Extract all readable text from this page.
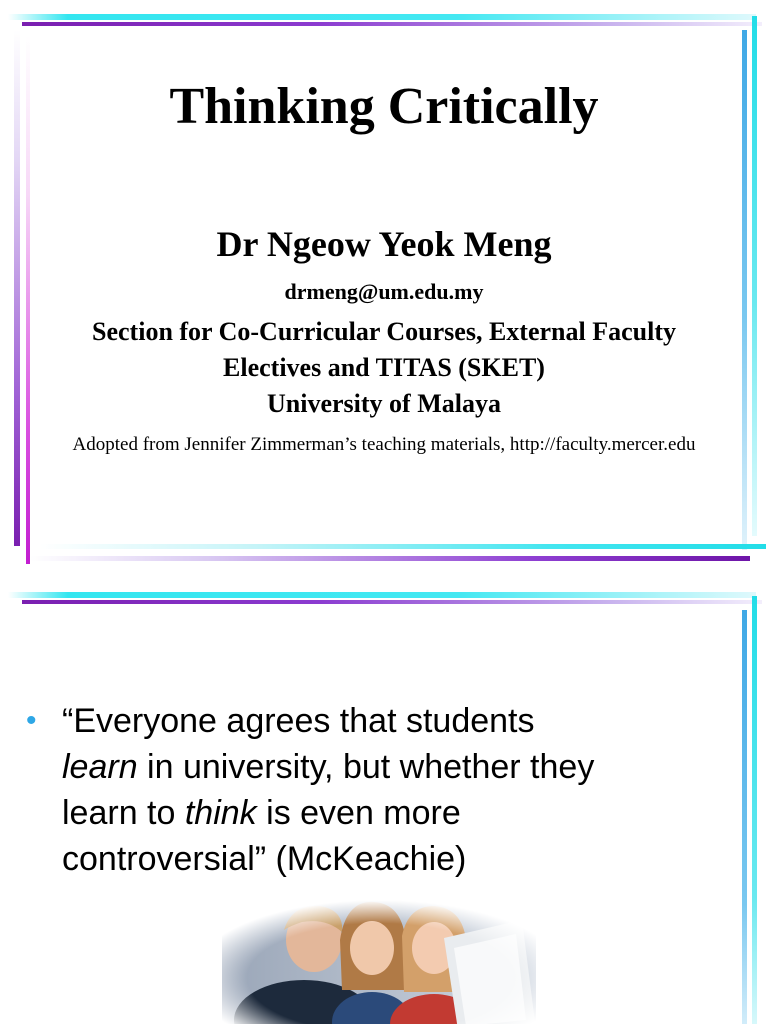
Thinking Critically
Dr Ngeow Yeok Meng
drmeng@um.edu.my
Section for Co-Curricular Courses, External Faculty
Electives and TITAS (SKET)
University of Malaya
Adopted from Jennifer Zimmerman’s teaching materials, http://faculty.mercer.edu
• “Everyone agrees that students
learn in university, but whether they
learn to think is even more
controversial” (McKeachie)
